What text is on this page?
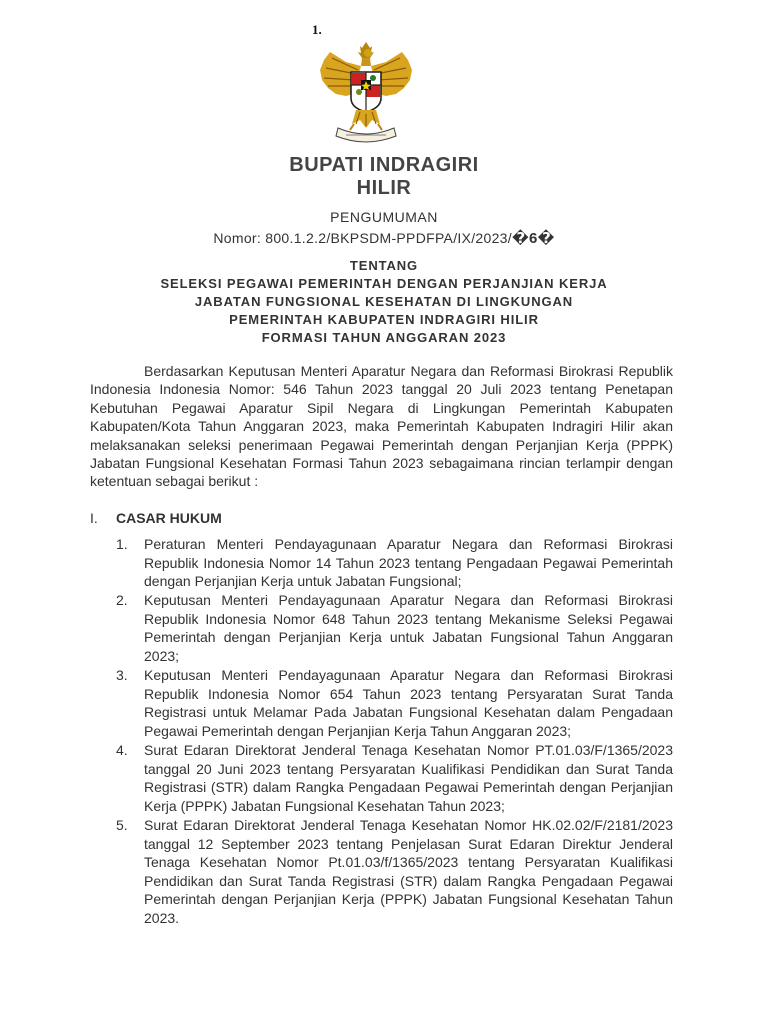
1.
BUPATI INDRAGIRI HILIR
PENGUMUMAN
Nomor: 800.1.2.2/BKPSDM-PPDFPA/IX/2023/�6�
TENTANG
SELEKSI PEGAWAI PEMERINTAH DENGAN PERJANJIAN KERJA
JABATAN FUNGSIONAL KESEHATAN DI LINGKUNGAN
PEMERINTAH KABUPATEN INDRAGIRI HILIR
FORMASI TAHUN ANGGARAN 2023

Berdasarkan Keputusan Menteri Aparatur Negara dan Reformasi Birokrasi Republik Indonesia Indonesia Nomor: 546 Tahun 2023 tanggal 20 Juli 2023 tentang Penetapan Kebutuhan Pegawai Aparatur Sipil Negara di Lingkungan Pemerintah Kabupaten Kabupaten/Kota Tahun Anggaran 2023, maka Pemerintah Kabupaten Indragiri Hilir akan melaksanakan seleksi penerimaan Pegawai Pemerintah dengan Perjanjian Kerja (PPPK) Jabatan Fungsional Kesehatan Formasi Tahun 2023 sebagaimana rincian terlampir dengan ketentuan sebagai berikut :

I. CASAR HUKUM
1. Peraturan Menteri Pendayagunaan Aparatur Negara dan Reformasi Birokrasi Republik Indonesia Nomor 14 Tahun 2023 tentang Pengadaan Pegawai Pemerintah dengan Perjanjian Kerja untuk Jabatan Fungsional;
2. Keputusan Menteri Pendayagunaan Aparatur Negara dan Reformasi Birokrasi Republik Indonesia Nomor 648 Tahun 2023 tentang Mekanisme Seleksi Pegawai Pemerintah dengan Perjanjian Kerja untuk Jabatan Fungsional Tahun Anggaran 2023;
3. Keputusan Menteri Pendayagunaan Aparatur Negara dan Reformasi Birokrasi Republik Indonesia Nomor 654 Tahun 2023 tentang Persyaratan Surat Tanda Registrasi untuk Melamar Pada Jabatan Fungsional Kesehatan dalam Pengadaan Pegawai Pemerintah dengan Perjanjian Kerja Tahun Anggaran 2023;
4. Surat Edaran Direktorat Jenderal Tenaga Kesehatan Nomor PT.01.03/F/1365/2023 tanggal 20 Juni 2023 tentang Persyaratan Kualifikasi Pendidikan dan Surat Tanda Registrasi (STR) dalam Rangka Pengadaan Pegawai Pemerintah dengan Perjanjian Kerja (PPPK) Jabatan Fungsional Kesehatan Tahun 2023;
5. Surat Edaran Direktorat Jenderal Tenaga Kesehatan Nomor HK.02.02/F/2181/2023 tanggal 12 September 2023 tentang Penjelasan Surat Edaran Direktur Jenderal Tenaga Kesehatan Nomor Pt.01.03/f/1365/2023 tentang Persyaratan Kualifikasi Pendidikan dan Surat Tanda Registrasi (STR) dalam Rangka Pengadaan Pegawai Pemerintah dengan Perjanjian Kerja (PPPK) Jabatan Fungsional Kesehatan Tahun 2023.
